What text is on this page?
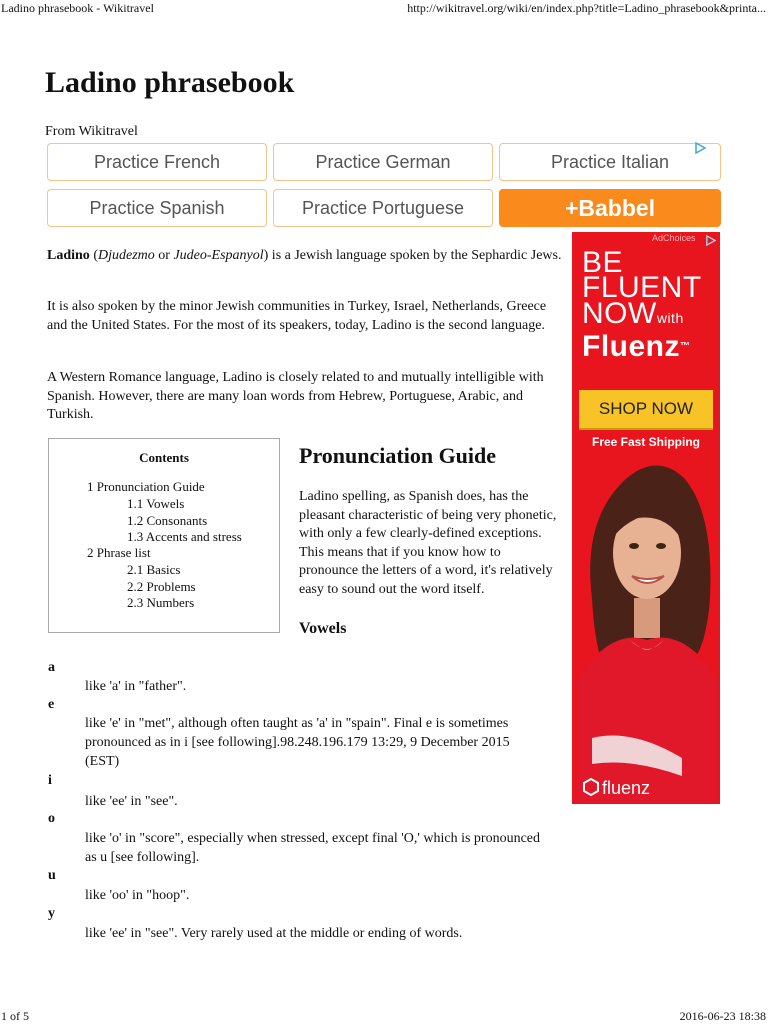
Ladino phrasebook - Wikitravel	http://wikitravel.org/wiki/en/index.php?title=Ladino_phrasebook&printa...
Ladino phrasebook
From Wikitravel
Practice French	Practice German	Practice Italian
Practice Spanish	Practice Portuguese	+Babbel
Ladino (Djudezmo or Judeo-Espanyol) is a Jewish language spoken by the Sephardic Jews.
It is also spoken by the minor Jewish communities in Turkey, Israel, Netherlands, Greece and the United States. For the most of its speakers, today, Ladino is the second language.
A Western Romance language, Ladino is closely related to and mutually intelligible with Spanish. However, there are many loan words from Hebrew, Portuguese, Arabic, and Turkish.
Contents
1 Pronunciation Guide
1.1 Vowels
1.2 Consonants
1.3 Accents and stress
2 Phrase list
2.1 Basics
2.2 Problems
2.3 Numbers
Pronunciation Guide
Ladino spelling, as Spanish does, has the pleasant characteristic of being very phonetic, with only a few clearly-defined exceptions. This means that if you know how to pronounce the letters of a word, it's relatively easy to sound out the word itself.
Vowels
a
like 'a' in "father".
e
like 'e' in "met", although often taught as 'a' in "spain". Final e is sometimes pronounced as in i [see following].98.248.196.179 13:29, 9 December 2015 (EST)
i
like 'ee' in "see".
o
like 'o' in "score", especially when stressed, except final 'O,' which is pronounced as u [see following].
u
like 'oo' in "hoop".
y
like 'ee' in "see". Very rarely used at the middle or ending of words.
AdChoices
BE
FLUENT
NOWwith
Fluenz™
SHOP NOW
Free Fast Shipping
fluenz
1 of 5	2016-06-23 18:38
